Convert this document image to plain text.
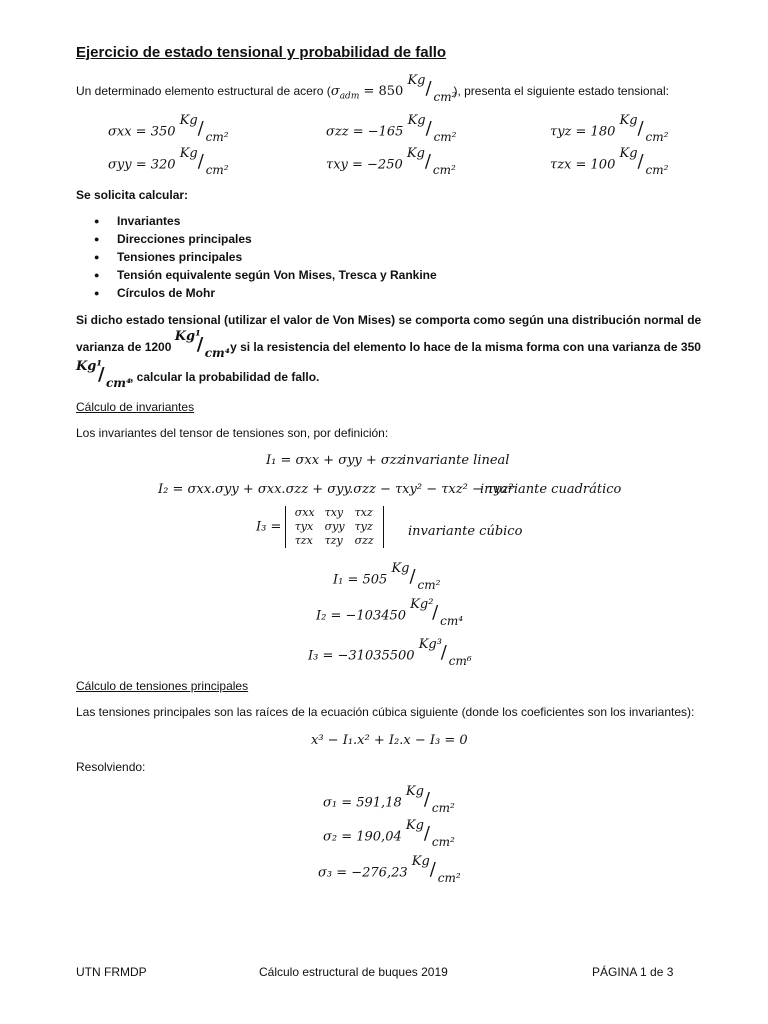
Ejercicio de estado tensional y probabilidad de fallo
Un determinado elemento estructural de acero ($\sigma_{adm} = 850$
Kg / cm²
), presenta el siguiente estado tensional:
σxx = 350
Kg / cm²	σzz = −165
Kg / cm²	τyz = 180
Kg / cm²
σyy = 320
Kg / cm²	τxy = −250
Kg / cm²	τzx = 100
Kg / cm²
Se solicita calcular:
● Invariantes
● Direcciones principales
● Tensiones principales
● Tensión equivalente según Von Mises, Tresca y Rankine
● Círculos de Mohr
Si dicho estado tensional (utilizar el valor de Von Mises) se comporta como según una distribución normal de
varianza de 1200
Kg¹
/ cm⁴
y si la resistencia del elemento lo hace de la misma forma con una varianza de 350
Kg¹
/ cm⁴
, calcular la probabilidad de fallo.
Cálculo de invariantes
Los invariantes del tensor de tensiones son, por definición:
I₁ = σxx + σyy + σzz
invariante lineal
I₂ = σxx.σyy + σxx.σzz + σyy.σzz − τxy² − τxz² − τyz²
invariante cuadrático
I₃ =
σxx	τxy	τxz
τyx	σyy	τyz
τzx	τzy	σzz
invariante cúbico
I₁ = 505
Kg / cm²
I₂ = −103450
Kg²
/ cm⁴
I₃ = −31035500
Kg³
/ cm⁶
Cálculo de tensiones principales
Las tensiones principales son las raíces de la ecuación cúbica siguiente (donde los coeficientes son los invariantes):
x³ − I₁.x² + I₂.x − I₃ = 0
Resolviendo:
σ₁ = 591,18
Kg / cm²
σ₂ = 190,04
Kg / cm²
σ₃ = −276,23
Kg / cm²
UTN FRMDP	Cálculo estructural de buques 2019	PÁGINA 1 de 3
